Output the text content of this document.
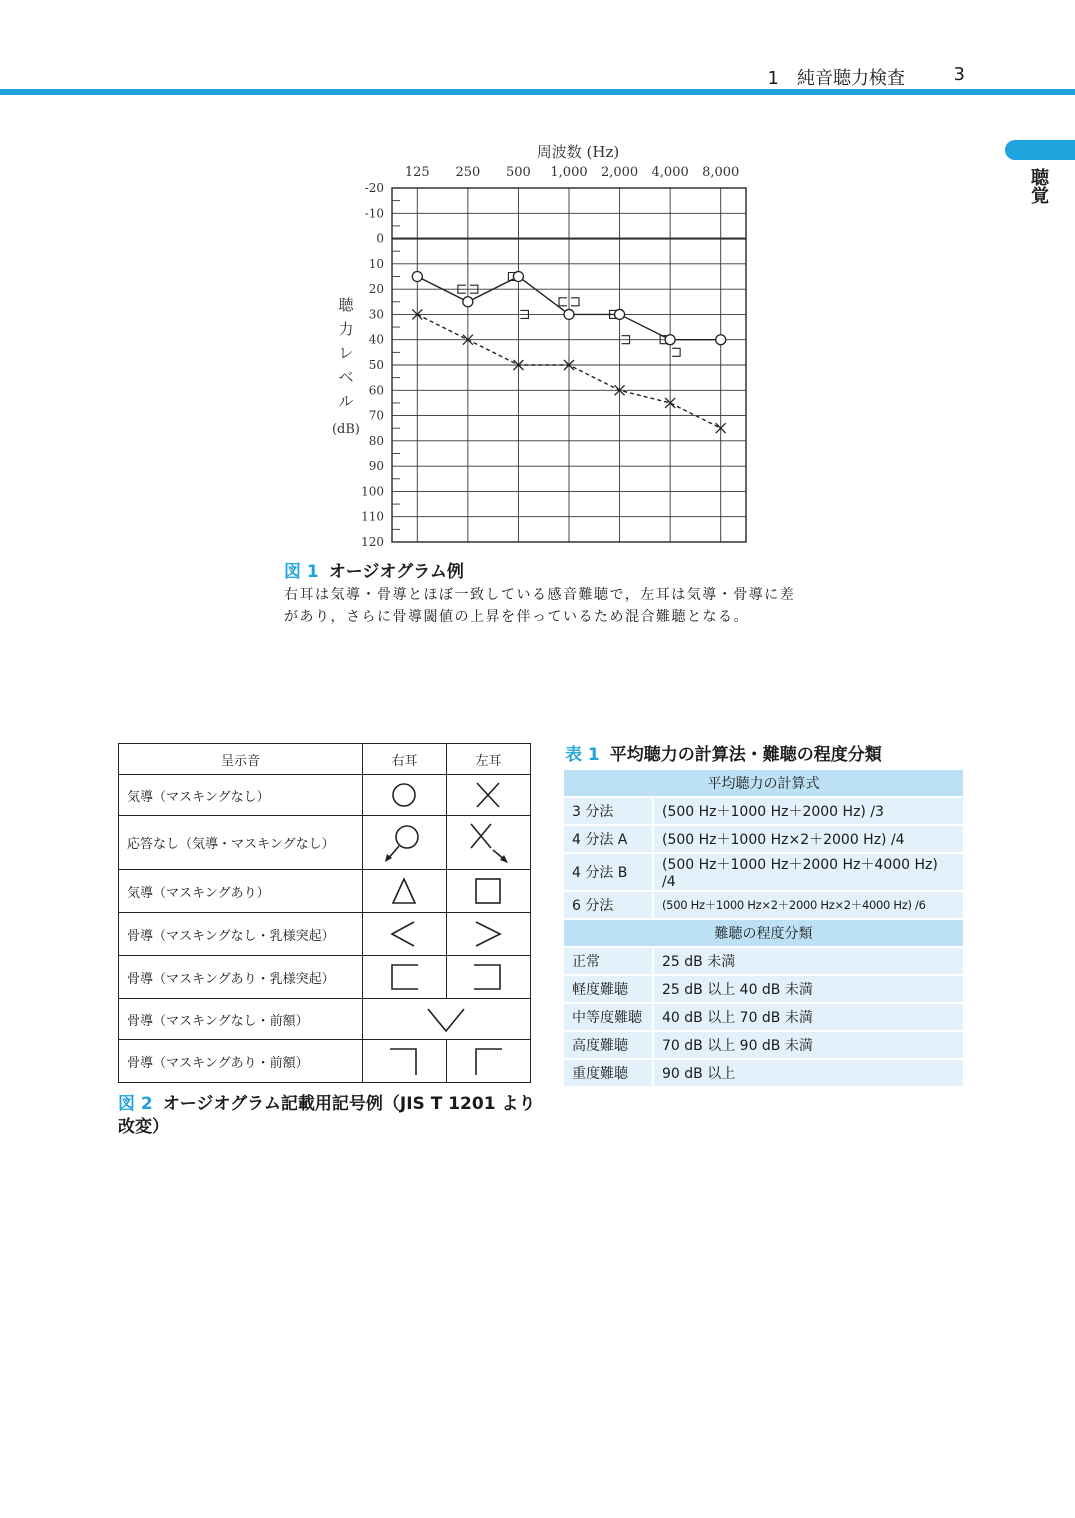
1　純音聴力検査	3
聴覚
周波数 (Hz)
125 250 500 1,000 2,000 4,000 8,000
-20
-10
0
10
20
30
40
50
60
70
80
90
100
110
120
聴
力
レ
ベ
ル
(dB)
図 1 オージオグラム例
右耳は気導・骨導とほぼ一致している感音難聴で，左耳は気導・骨導に差があり，さらに骨導閾値の上昇を伴っているため混合難聴となる。
呈示音	右耳	左耳
気導（マスキングなし）	

応答なし（気導・マスキングなし）	

気導（マスキングあり）	

骨導（マスキングなし・乳様突起）	

骨導（マスキングあり・乳様突起）	

骨導（マスキングなし・前額）	

骨導（マスキングあり・前額）	

図 2 オージオグラム記載用記号例（JIS T 1201 より改変）
表 1 平均聴力の計算法・難聴の程度分類
平均聴力の計算式	
3 分法	(500 Hz＋1000 Hz＋2000 Hz) /3
4 分法 A	(500 Hz＋1000 Hz×2＋2000 Hz) /4
4 分法 B	(500 Hz＋1000 Hz＋2000 Hz＋4000 Hz) /4
6 分法	(500 Hz＋1000 Hz×2＋2000 Hz×2＋4000 Hz) /6
難聴の程度分類	
正常	25 dB 未満
軽度難聴	25 dB 以上 40 dB 未満
中等度難聴	40 dB 以上 70 dB 未満
高度難聴	70 dB 以上 90 dB 未満
重度難聴	90 dB 以上
